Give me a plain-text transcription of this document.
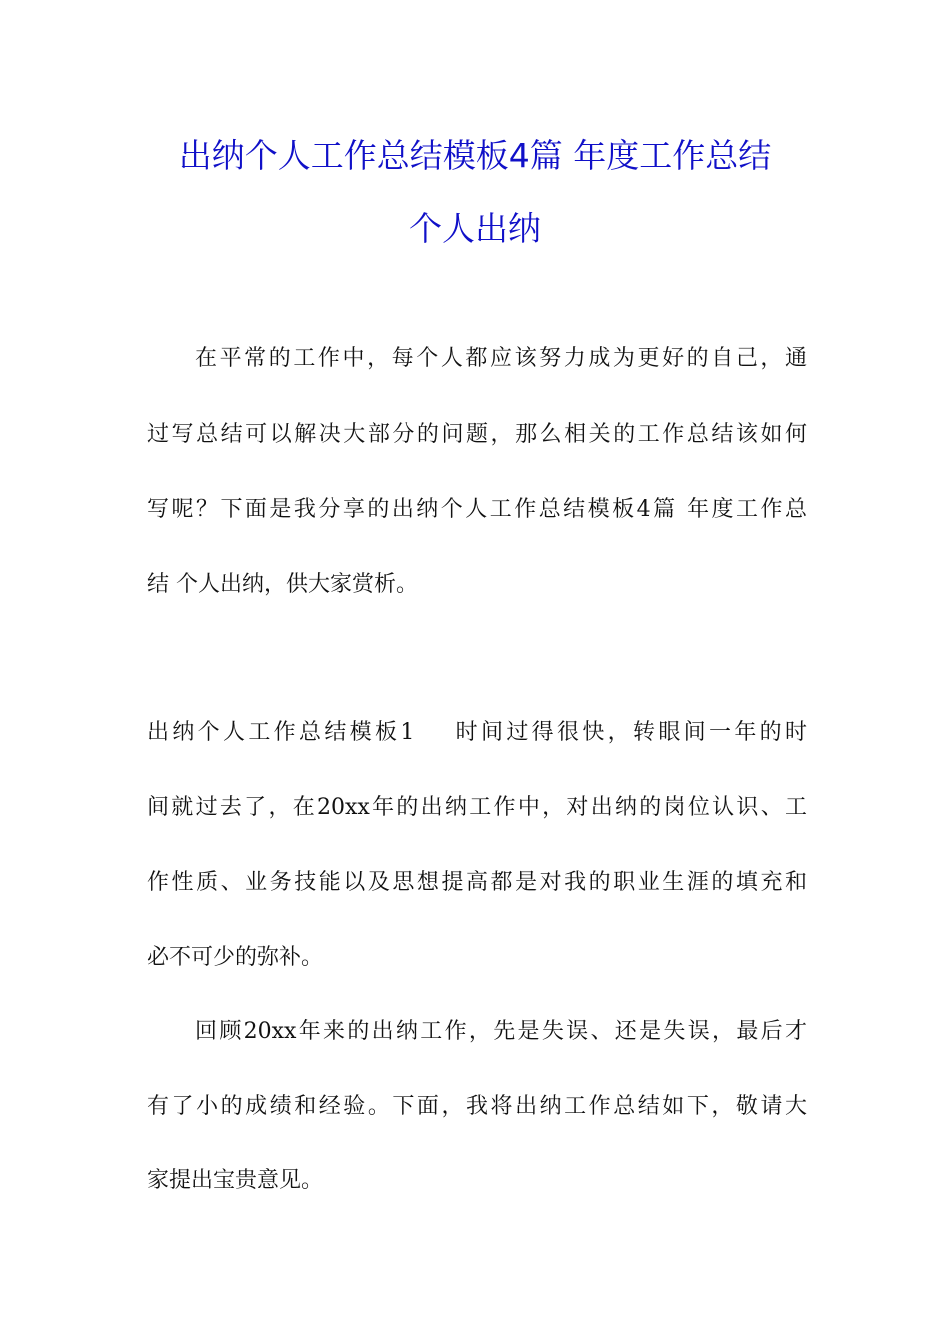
出纳个人工作总结模板4篇 年度工作总结
个人出纳
在平常的工作中，每个人都应该努力成为更好的自己，通
过写总结可以解决大部分的问题，那么相关的工作总结该如何
写呢？下面是我分享的出纳个人工作总结模板4篇 年度工作总
结 个人出纳，供大家赏析。
出纳个人工作总结模板1    时间过得很快，转眼间一年的时
间就过去了，在20xx年的出纳工作中，对出纳的岗位认识、工
作性质、业务技能以及思想提高都是对我的职业生涯的填充和
必不可少的弥补。
回顾20xx年来的出纳工作，先是失误、还是失误，最后才
有了小的成绩和经验。下面，我将出纳工作总结如下，敬请大
家提出宝贵意见。
